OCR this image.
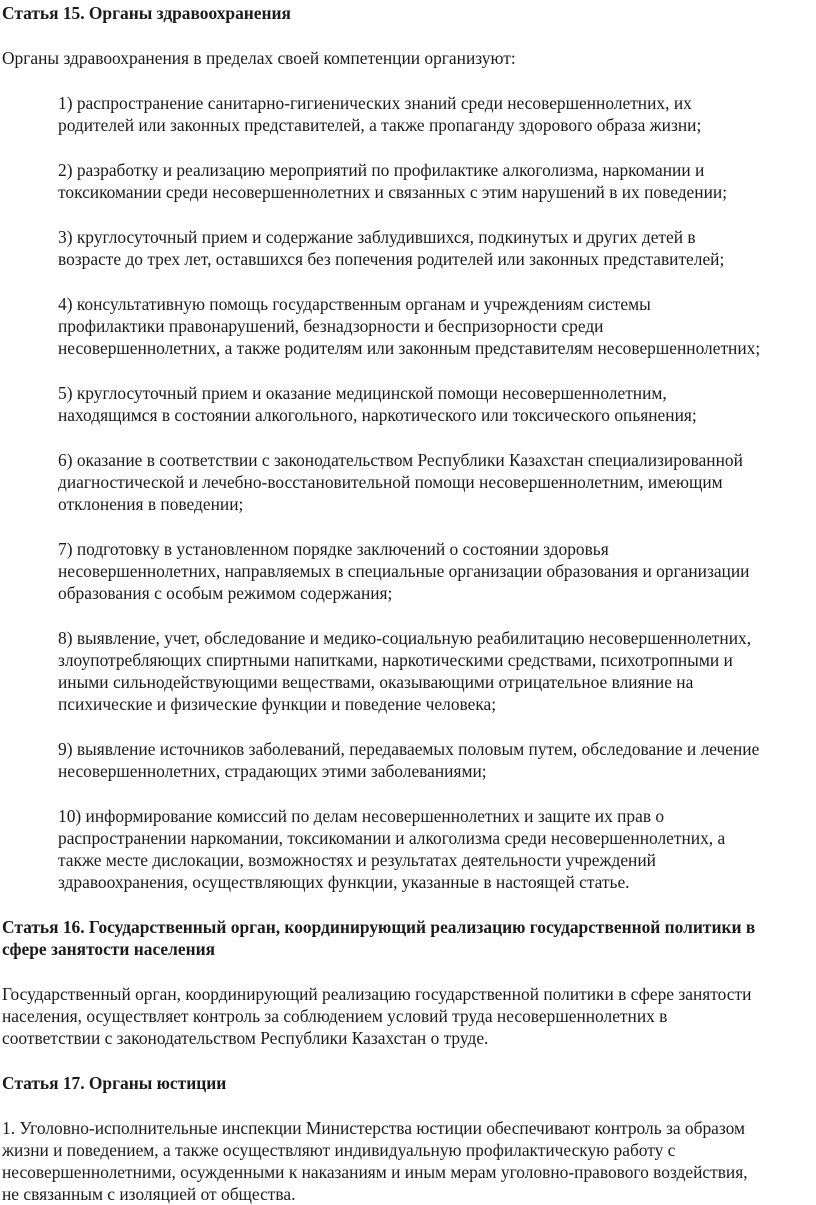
Статья 15. Органы здравоохранения

Органы здравоохранения в пределах своей компетенции организуют:

1) распространение санитарно-гигиенических знаний среди несовершеннолетних, их
родителей или законных представителей, а также пропаганду здорового образа жизни;
2) разработку и реализацию мероприятий по профилактике алкоголизма, наркомании и
токсикомании среди несовершеннолетних и связанных с этим нарушений в их поведении;
3) круглосуточный прием и содержание заблудившихся, подкинутых и других детей в
возрасте до трех лет, оставшихся без попечения родителей или законных представителей;
4) консультативную помощь государственным органам и учреждениям системы
профилактики правонарушений, безнадзорности и беспризорности среди
несовершеннолетних, а также родителям или законным представителям несовершеннолетних;
5) круглосуточный прием и оказание медицинской помощи несовершеннолетним,
находящимся в состоянии алкогольного, наркотического или токсического опьянения;
6) оказание в соответствии с законодательством Республики Казахстан специализированной
диагностической и лечебно-восстановительной помощи несовершеннолетним, имеющим
отклонения в поведении;
7) подготовку в установленном порядке заключений о состоянии здоровья
несовершеннолетних, направляемых в специальные организации образования и организации
образования с особым режимом содержания;
8) выявление, учет, обследование и медико-социальную реабилитацию несовершеннолетних,
злоупотребляющих спиртными напитками, наркотическими средствами, психотропными и
иными сильнодействующими веществами, оказывающими отрицательное влияние на
психические и физические функции и поведение человека;
9) выявление источников заболеваний, передаваемых половым путем, обследование и лечение
несовершеннолетних, страдающих этими заболеваниями;
10) информирование комиссий по делам несовершеннолетних и защите их прав о
распространении наркомании, токсикомании и алкоголизма среди несовершеннолетних, а
также месте дислокации, возможностях и результатах деятельности учреждений
здравоохранения, осуществляющих функции, указанные в настоящей статье.
Статья 16. Государственный орган, координирующий реализацию государственной политики в
сфере занятости населения
Государственный орган, координирующий реализацию государственной политики в сфере занятости
населения, осуществляет контроль за соблюдением условий труда несовершеннолетних в
соответствии с законодательством Республики Казахстан о труде.

Статья 17. Органы юстиции

1. Уголовно-исполнительные инспекции Министерства юстиции обеспечивают контроль за образом
жизни и поведением, а также осуществляют индивидуальную профилактическую работу с
несовершеннолетними, осужденными к наказаниям и иным мерам уголовно-правового воздействия,
не связанным с изоляцией от общества.
